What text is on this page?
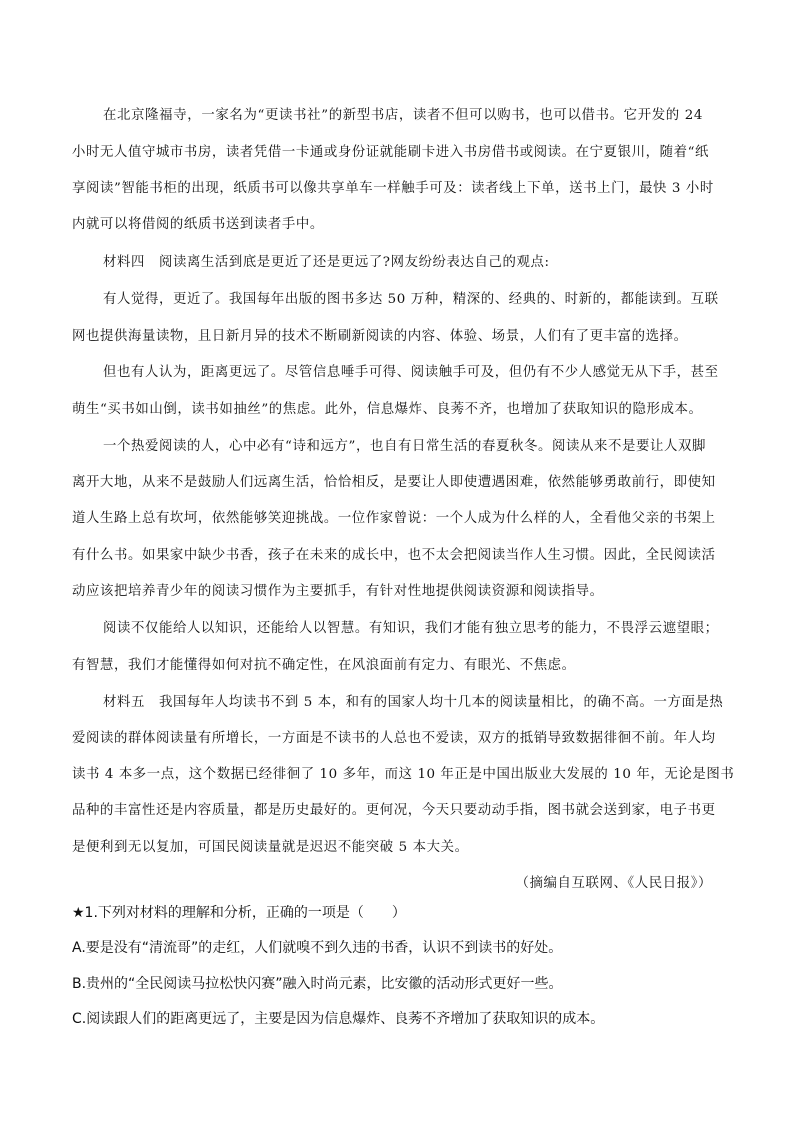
在北京隆福寺，一家名为“更读书社”的新型书店，读者不但可以购书，也可以借书。它开发的 24
小时无人值守城市书房，读者凭借一卡通或身份证就能刷卡进入书房借书或阅读。在宁夏银川，随着“纸
享阅读”智能书柜的出现，纸质书可以像共享单车一样触手可及：读者线上下单，送书上门，最快 3 小时
内就可以将借阅的纸质书送到读者手中。
材料四　阅读离生活到底是更近了还是更远了?网友纷纷表达自己的观点:
有人觉得，更近了。我国每年出版的图书多达 50 万种，精深的、经典的、时新的，都能读到。互联
网也提供海量读物，且日新月异的技术不断刷新阅读的内容、体验、场景，人们有了更丰富的选择。
但也有人认为，距离更远了。尽管信息唾手可得、阅读触手可及，但仍有不少人感觉无从下手，甚至
萌生“买书如山倒，读书如抽丝”的焦虑。此外，信息爆炸、良莠不齐，也增加了获取知识的隐形成本。
一个热爱阅读的人，心中必有“诗和远方”，也自有日常生活的春夏秋冬。阅读从来不是要让人双脚
离开大地，从来不是鼓励人们远离生活，恰恰相反，是要让人即使遭遇困难，依然能够勇敢前行，即使知
道人生路上总有坎坷，依然能够笑迎挑战。一位作家曾说：一个人成为什么样的人，全看他父亲的书架上
有什么书。如果家中缺少书香，孩子在未来的成长中，也不太会把阅读当作人生习惯。因此，全民阅读活
动应该把培养青少年的阅读习惯作为主要抓手，有针对性地提供阅读资源和阅读指导。
阅读不仅能给人以知识，还能给人以智慧。有知识，我们才能有独立思考的能力，不畏浮云遮望眼；
有智慧，我们才能懂得如何对抗不确定性，在风浪面前有定力、有眼光、不焦虑。
材料五　我国每年人均读书不到 5 本，和有的国家人均十几本的阅读量相比，的确不高。一方面是热
爱阅读的群体阅读量有所增长，一方面是不读书的人总也不爱读，双方的抵销导致数据徘徊不前。年人均
读书 4 本多一点，这个数据已经徘徊了 10 多年，而这 10 年正是中国出版业大发展的 10 年，无论是图书
品种的丰富性还是内容质量，都是历史最好的。更何况，今天只要动动手指，图书就会送到家，电子书更
是便利到无以复加，可国民阅读量就是迟迟不能突破 5 本大关。
（摘编自互联网、《人民日报》）
★1.下列对材料的理解和分析，正确的一项是（　　）
A.要是没有“清流哥”的走红，人们就嗅不到久违的书香，认识不到读书的好处。
B.贵州的“全民阅读马拉松快闪赛”融入时尚元素，比安徽的活动形式更好一些。
C.阅读跟人们的距离更远了，主要是因为信息爆炸、良莠不齐增加了获取知识的成本。
